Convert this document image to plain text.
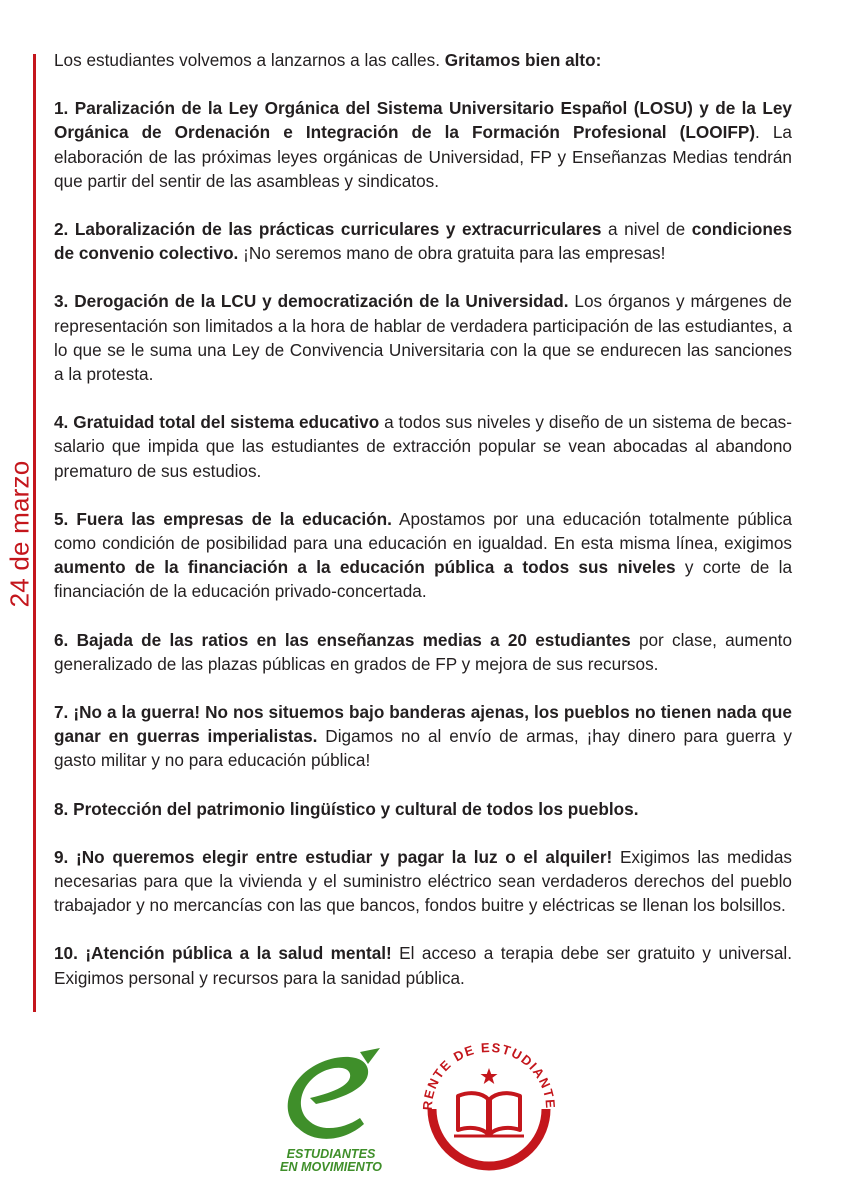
24 de marzo

Los estudiantes volvemos a lanzarnos a las calles. Gritamos bien alto:

1. Paralización de la Ley Orgánica del Sistema Universitario Español (LOSU) y de la Ley Orgánica de Ordenación e Integración de la Formación Profesional (LOOIFP). La elaboración de las próximas leyes orgánicas de Universidad, FP y Enseñanzas Medias tendrán que partir del sentir de las asambleas y sindicatos.

2. Laboralización de las prácticas curriculares y extracurriculares a nivel de condiciones de convenio colectivo. ¡No seremos mano de obra gratuita para las empresas!

3. Derogación de la LCU y democratización de la Universidad. Los órganos y márgenes de representación son limitados a la hora de hablar de verdadera participación de las estudiantes, a lo que se le suma una Ley de Convivencia Universitaria con la que se endurecen las sanciones a la protesta.

4. Gratuidad total del sistema educativo a todos sus niveles y diseño de un sistema de becas-salario que impida que las estudiantes de extracción popular se vean abocadas al abandono prematuro de sus estudios.

5. Fuera las empresas de la educación. Apostamos por una educación totalmente pública como condición de posibilidad para una educación en igualdad. En esta misma línea, exigimos aumento de la financiación a la educación pública a todos sus niveles y corte de la financiación de la educación privado-concertada.

6. Bajada de las ratios en las enseñanzas medias a 20 estudiantes por clase, aumento generalizado de las plazas públicas en grados de FP y mejora de sus recursos.

7. ¡No a la guerra! No nos situemos bajo banderas ajenas, los pueblos no tienen nada que ganar en guerras imperialistas. Digamos no al envío de armas, ¡hay dinero para guerra y gasto militar y no para educación pública!

8. Protección del patrimonio lingüístico y cultural de todos los pueblos.

9. ¡No queremos elegir entre estudiar y pagar la luz o el alquiler! Exigimos las medidas necesarias para que la vivienda y el suministro eléctrico sean verdaderos derechos del pueblo trabajador y no mercancías con las que bancos, fondos buitre y eléctricas se llenan los bolsillos.

10. ¡Atención pública a la salud mental! El acceso a terapia debe ser gratuito y universal. Exigimos personal y recursos para la sanidad pública.

ESTUDIANTES
EN MOVIMIENTO
RENTE DE ESTUDIANTE
